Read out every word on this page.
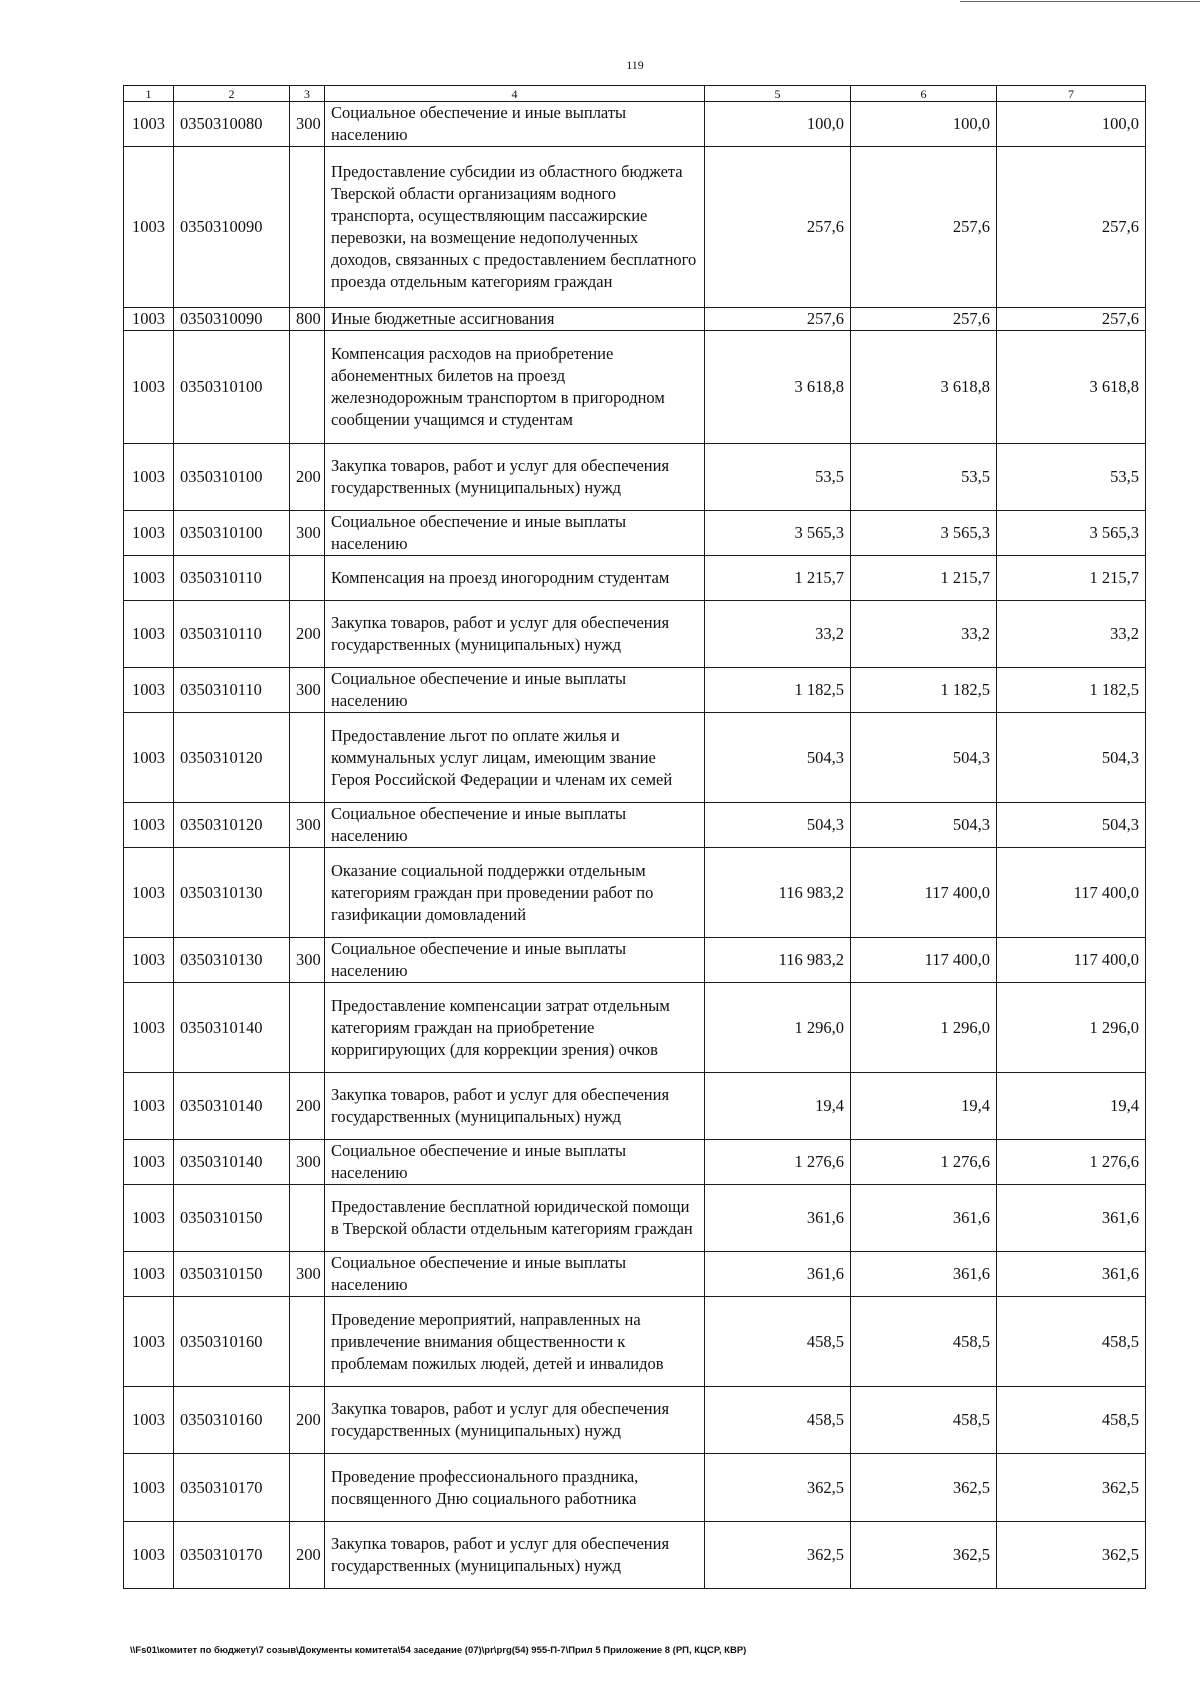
119
1	2	3	4	5	6	7
1003	0350310080	300	Социальное обеспечение и иные выплаты населению	100,0	100,0	100,0
1003	0350310090		Предоставление субсидии из областного бюджета Тверской области организациям водного транспорта, осуществляющим пассажирские перевозки, на возмещение недополученных доходов, связанных с предоставлением бесплатного проезда отдельным категориям граждан	257,6	257,6	257,6
1003	0350310090	800	Иные бюджетные ассигнования	257,6	257,6	257,6
1003	0350310100		Компенсация расходов на приобретение абонементных билетов на проезд железнодорожным транспортом в пригородном сообщении учащимся и студентам	3 618,8	3 618,8	3 618,8
1003	0350310100	200	Закупка товаров, работ и услуг для обеспечения государственных (муниципальных) нужд	53,5	53,5	53,5
1003	0350310100	300	Социальное обеспечение и иные выплаты населению	3 565,3	3 565,3	3 565,3
1003	0350310110		Компенсация на проезд иногородним студентам	1 215,7	1 215,7	1 215,7
1003	0350310110	200	Закупка товаров, работ и услуг для обеспечения государственных (муниципальных) нужд	33,2	33,2	33,2
1003	0350310110	300	Социальное обеспечение и иные выплаты населению	1 182,5	1 182,5	1 182,5
1003	0350310120		Предоставление льгот по оплате жилья и коммунальных услуг лицам, имеющим звание Героя Российской Федерации и членам их семей	504,3	504,3	504,3
1003	0350310120	300	Социальное обеспечение и иные выплаты населению	504,3	504,3	504,3
1003	0350310130		Оказание социальной поддержки отдельным категориям граждан при проведении работ по газификации домовладений	116 983,2	117 400,0	117 400,0
1003	0350310130	300	Социальное обеспечение и иные выплаты населению	116 983,2	117 400,0	117 400,0
1003	0350310140		Предоставление компенсации затрат отдельным категориям граждан на приобретение корригирующих (для коррекции зрения) очков	1 296,0	1 296,0	1 296,0
1003	0350310140	200	Закупка товаров, работ и услуг для обеспечения государственных (муниципальных) нужд	19,4	19,4	19,4
1003	0350310140	300	Социальное обеспечение и иные выплаты населению	1 276,6	1 276,6	1 276,6
1003	0350310150		Предоставление бесплатной юридической помощи в Тверской области отдельным категориям граждан	361,6	361,6	361,6
1003	0350310150	300	Социальное обеспечение и иные выплаты населению	361,6	361,6	361,6
1003	0350310160		Проведение мероприятий, направленных на привлечение внимания общественности к проблемам пожилых людей, детей и инвалидов	458,5	458,5	458,5
1003	0350310160	200	Закупка товаров, работ и услуг для обеспечения государственных (муниципальных) нужд	458,5	458,5	458,5
1003	0350310170		Проведение профессионального праздника, посвященного Дню социального работника	362,5	362,5	362,5
1003	0350310170	200	Закупка товаров, работ и услуг для обеспечения государственных (муниципальных) нужд	362,5	362,5	362,5
\\Fs01\комитет по бюджету\7 созыв\Документы комитета\54 заседание (07)\pr\prg(54) 955-П-7\Прил 5 Приложение 8 (РП, КЦСР, КВР)
